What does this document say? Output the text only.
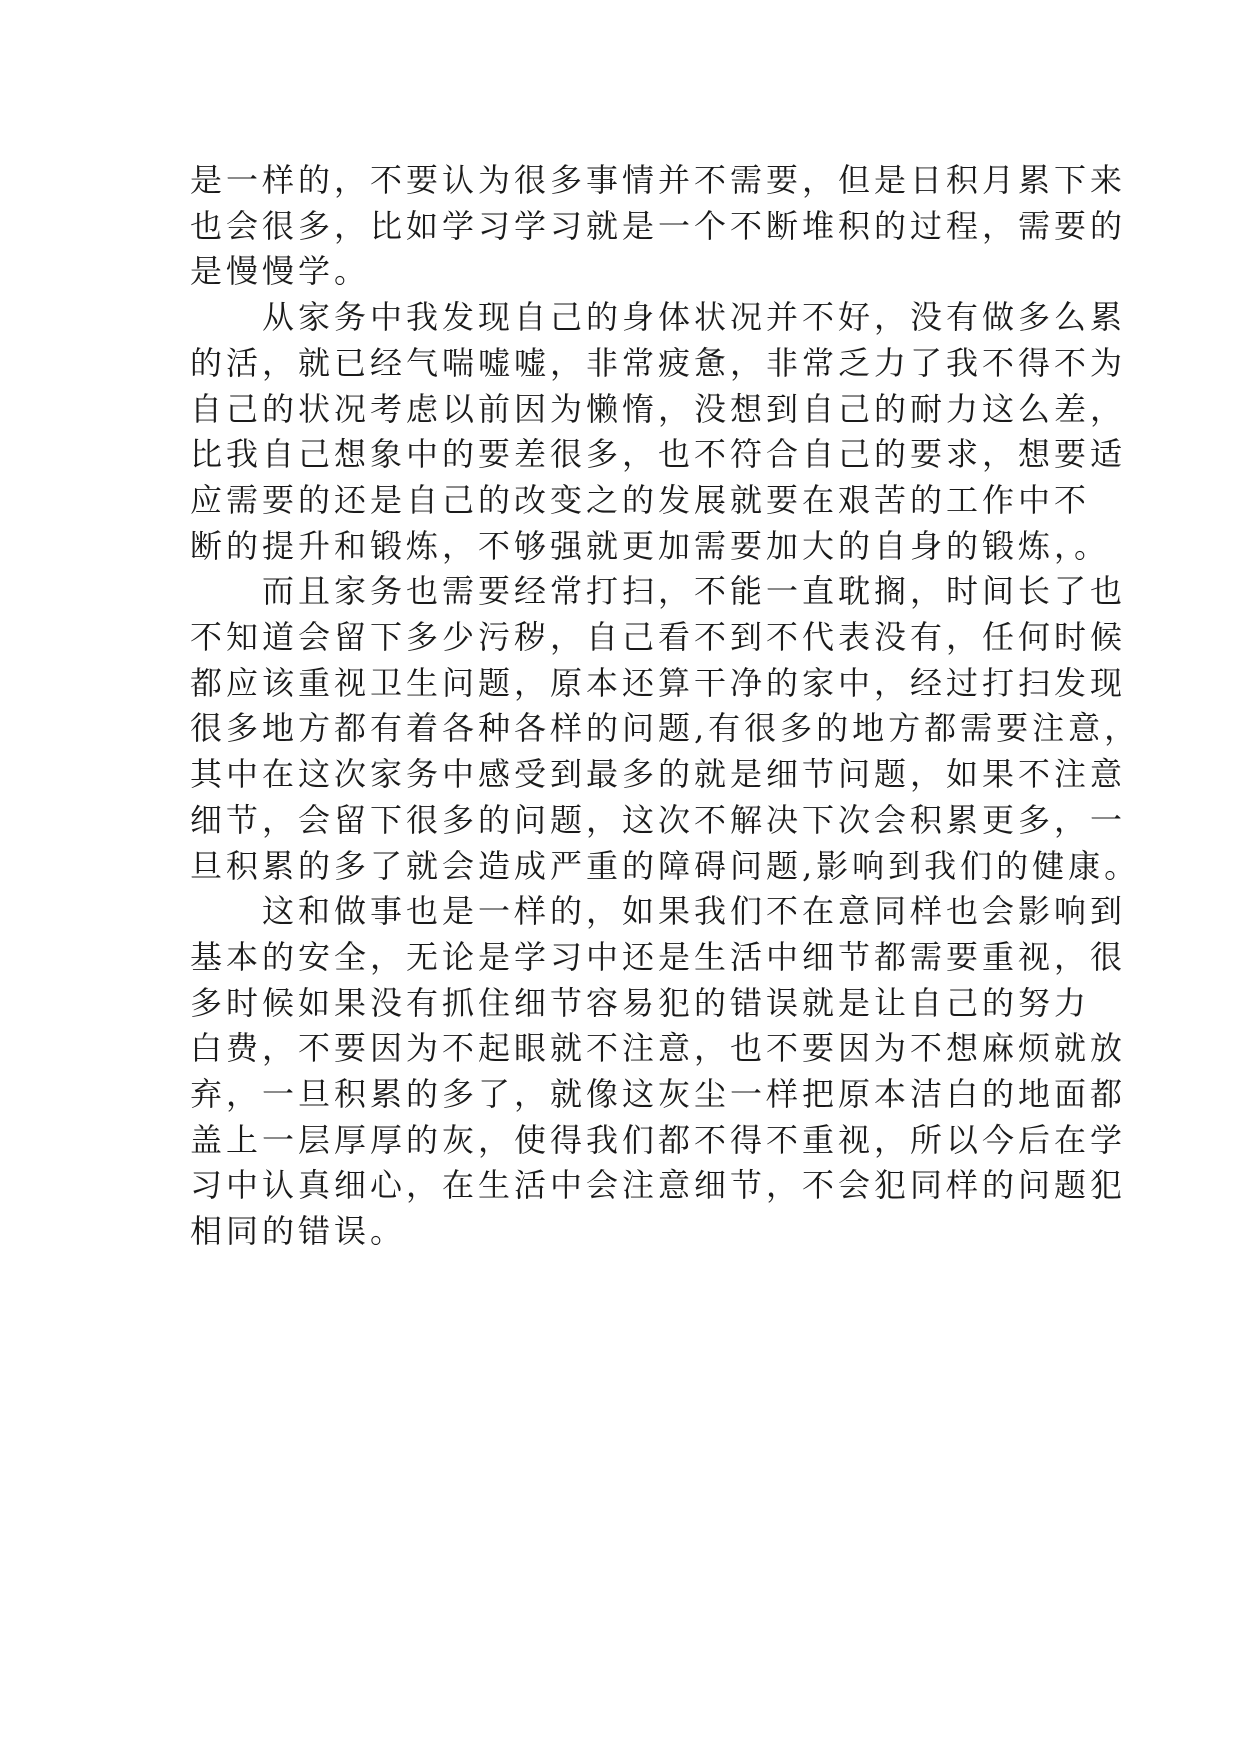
是一样的，不要认为很多事情并不需要，但是日积月累下来
也会很多，比如学习学习就是一个不断堆积的过程，需要的
是慢慢学。
从家务中我发现自己的身体状况并不好，没有做多么累
的活，就已经气喘嘘嘘，非常疲惫，非常乏力了我不得不为
自己的状况考虑以前因为懒惰，没想到自己的耐力这么差，
比我自己想象中的要差很多，也不符合自己的要求，想要适
应需要的还是自己的改变之的发展就要在艰苦的工作中不
断的提升和锻炼，不够强就更加需要加大的自身的锻炼，。
而且家务也需要经常打扫，不能一直耽搁，时间长了也
不知道会留下多少污秽，自己看不到不代表没有，任何时候
都应该重视卫生问题，原本还算干净的家中，经过打扫发现
很多地方都有着各种各样的问题,有很多的地方都需要注意，
其中在这次家务中感受到最多的就是细节问题，如果不注意
细节，会留下很多的问题，这次不解决下次会积累更多，一
旦积累的多了就会造成严重的障碍问题,影响到我们的健康。
这和做事也是一样的，如果我们不在意同样也会影响到
基本的安全，无论是学习中还是生活中细节都需要重视，很
多时候如果没有抓住细节容易犯的错误就是让自己的努力
白费，不要因为不起眼就不注意，也不要因为不想麻烦就放
弃，一旦积累的多了，就像这灰尘一样把原本洁白的地面都
盖上一层厚厚的灰，使得我们都不得不重视，所以今后在学
习中认真细心，在生活中会注意细节，不会犯同样的问题犯
相同的错误。
